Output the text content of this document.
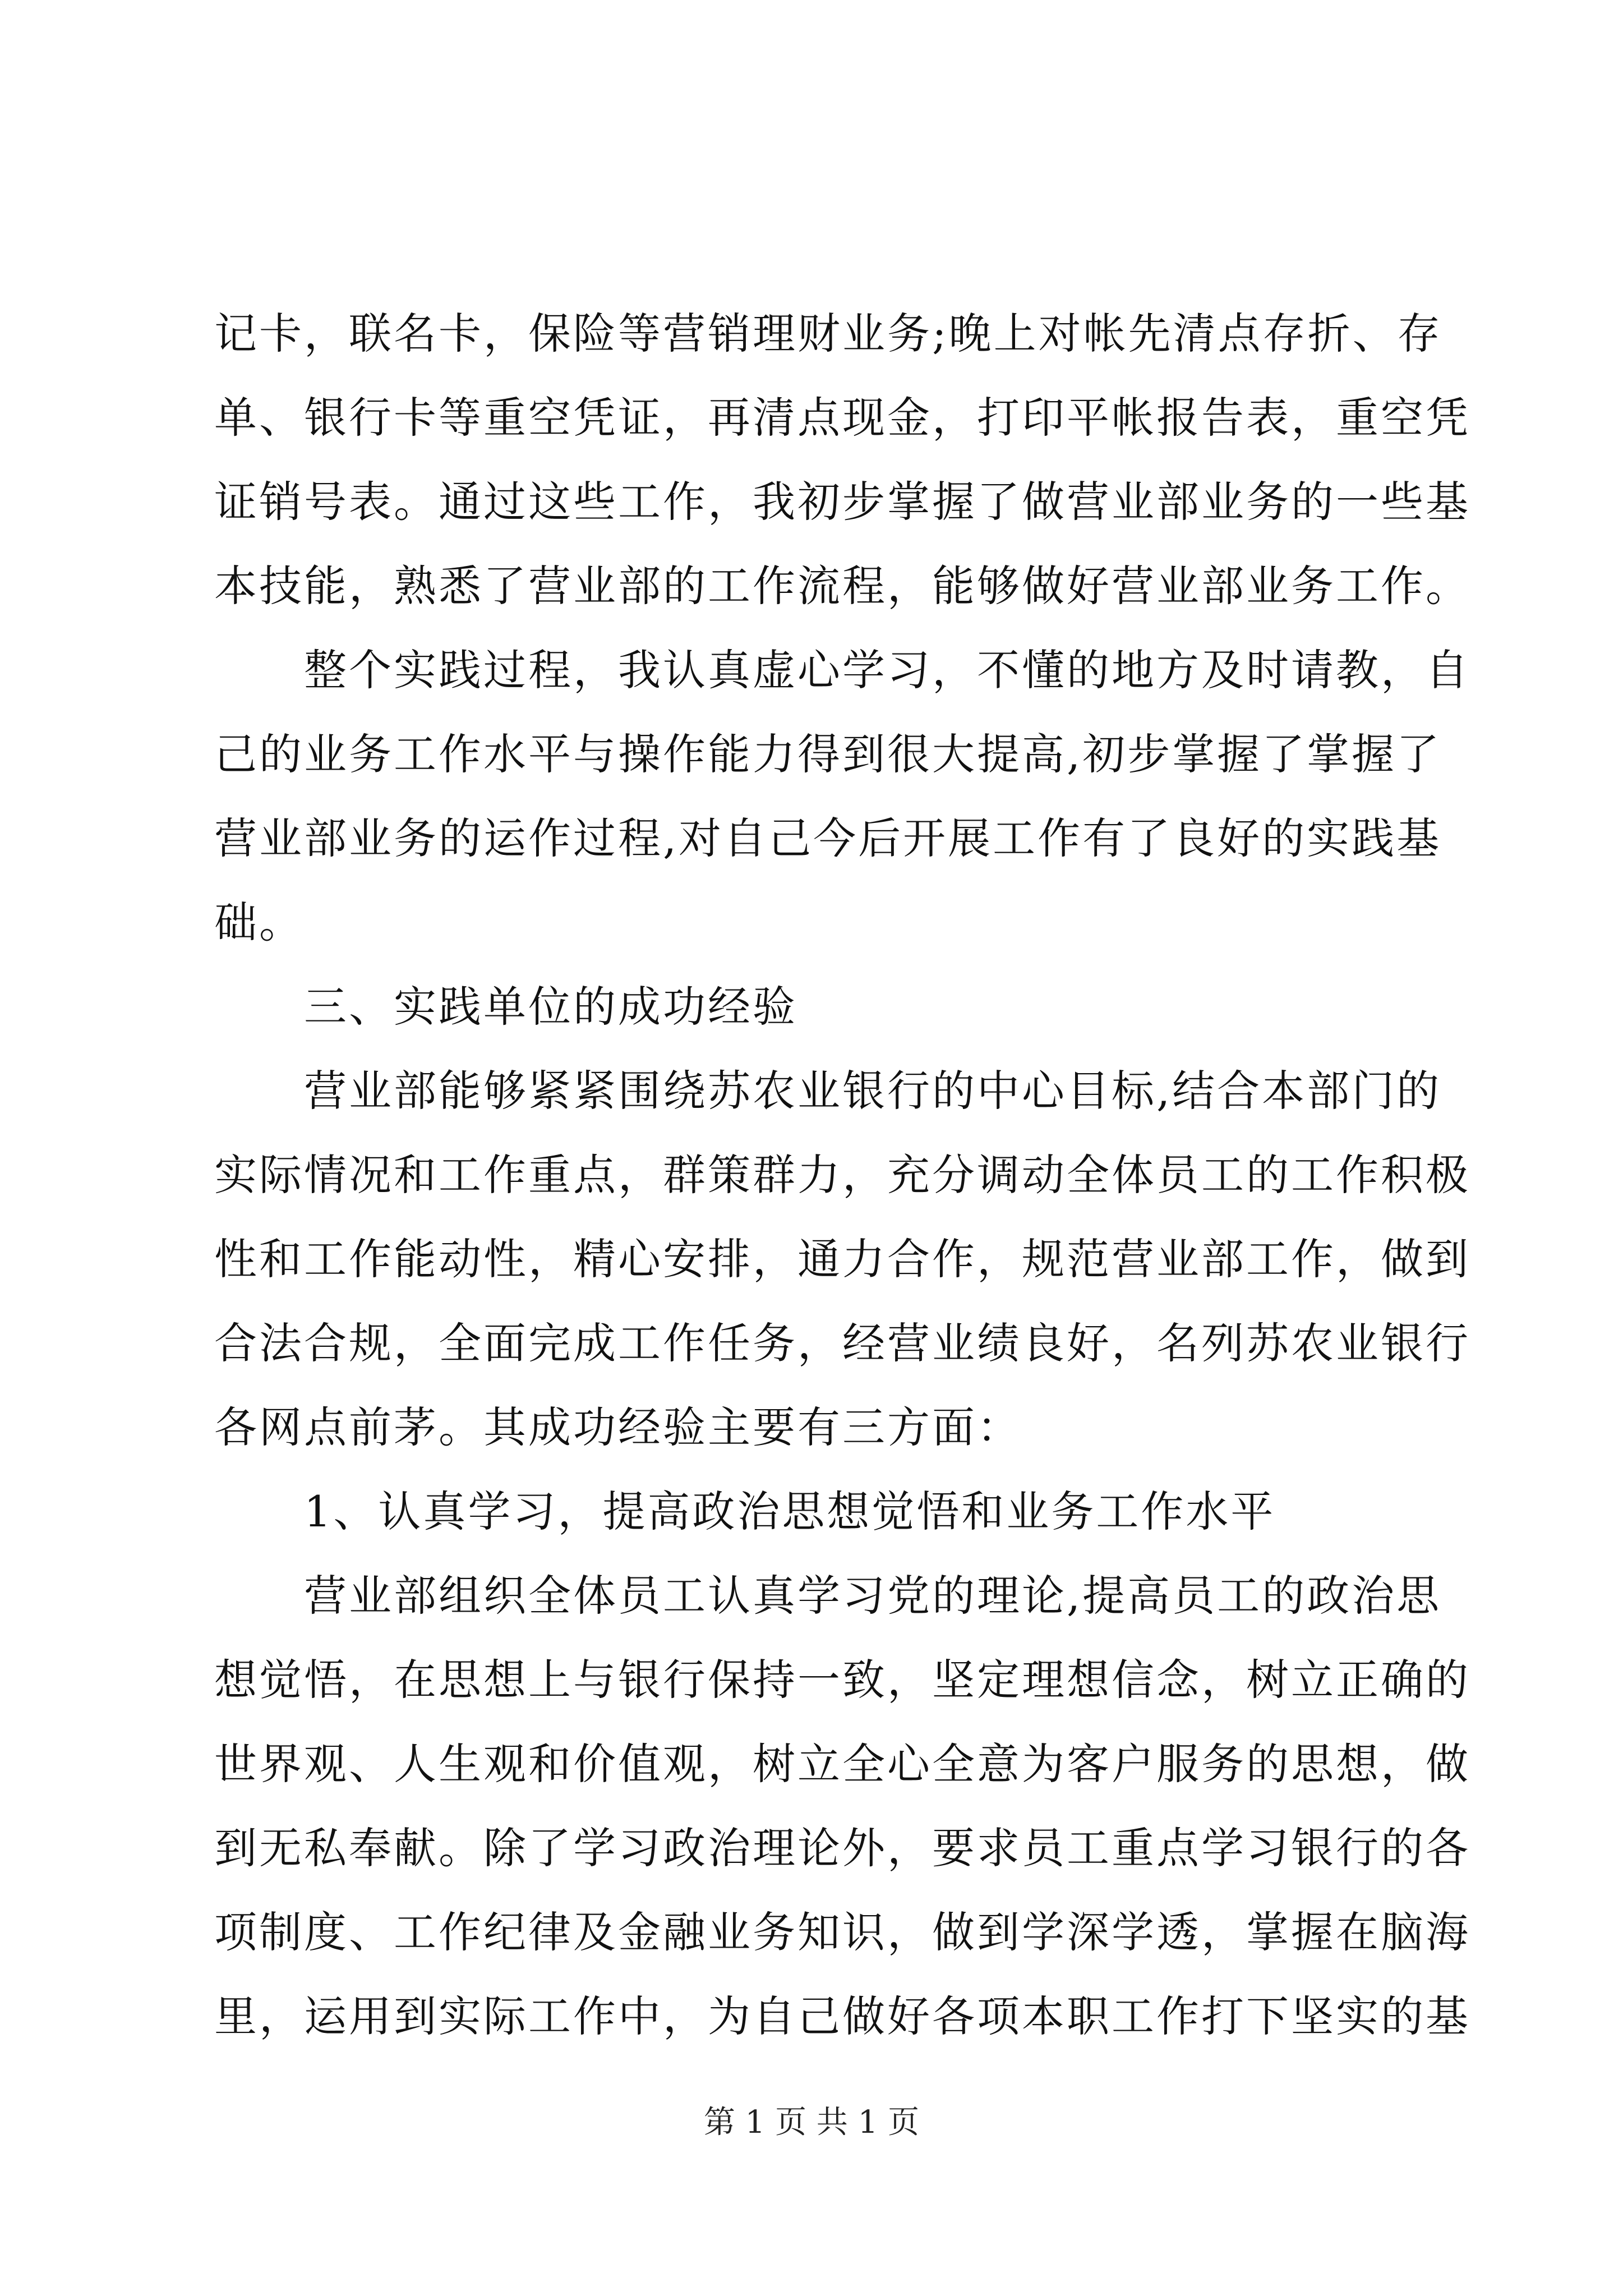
记卡，联名卡，保险等营销理财业务;晚上对帐先清点存折、存
单、银行卡等重空凭证，再清点现金，打印平帐报告表，重空凭
证销号表。通过这些工作，我初步掌握了做营业部业务的一些基
本技能，熟悉了营业部的工作流程，能够做好营业部业务工作。
整个实践过程，我认真虚心学习，不懂的地方及时请教，自
己的业务工作水平与操作能力得到很大提高,初步掌握了掌握了
营业部业务的运作过程,对自己今后开展工作有了良好的实践基
础。
三、实践单位的成功经验
营业部能够紧紧围绕苏农业银行的中心目标,结合本部门的
实际情况和工作重点，群策群力，充分调动全体员工的工作积极
性和工作能动性，精心安排，通力合作，规范营业部工作，做到
合法合规，全面完成工作任务，经营业绩良好，名列苏农业银行
各网点前茅。其成功经验主要有三方面：
1、认真学习，提高政治思想觉悟和业务工作水平
营业部组织全体员工认真学习党的理论,提高员工的政治思
想觉悟，在思想上与银行保持一致，坚定理想信念，树立正确的
世界观、人生观和价值观，树立全心全意为客户服务的思想，做
到无私奉献。除了学习政治理论外，要求员工重点学习银行的各
项制度、工作纪律及金融业务知识，做到学深学透，掌握在脑海
里，运用到实际工作中，为自己做好各项本职工作打下坚实的基
第 1 页 共 1 页
